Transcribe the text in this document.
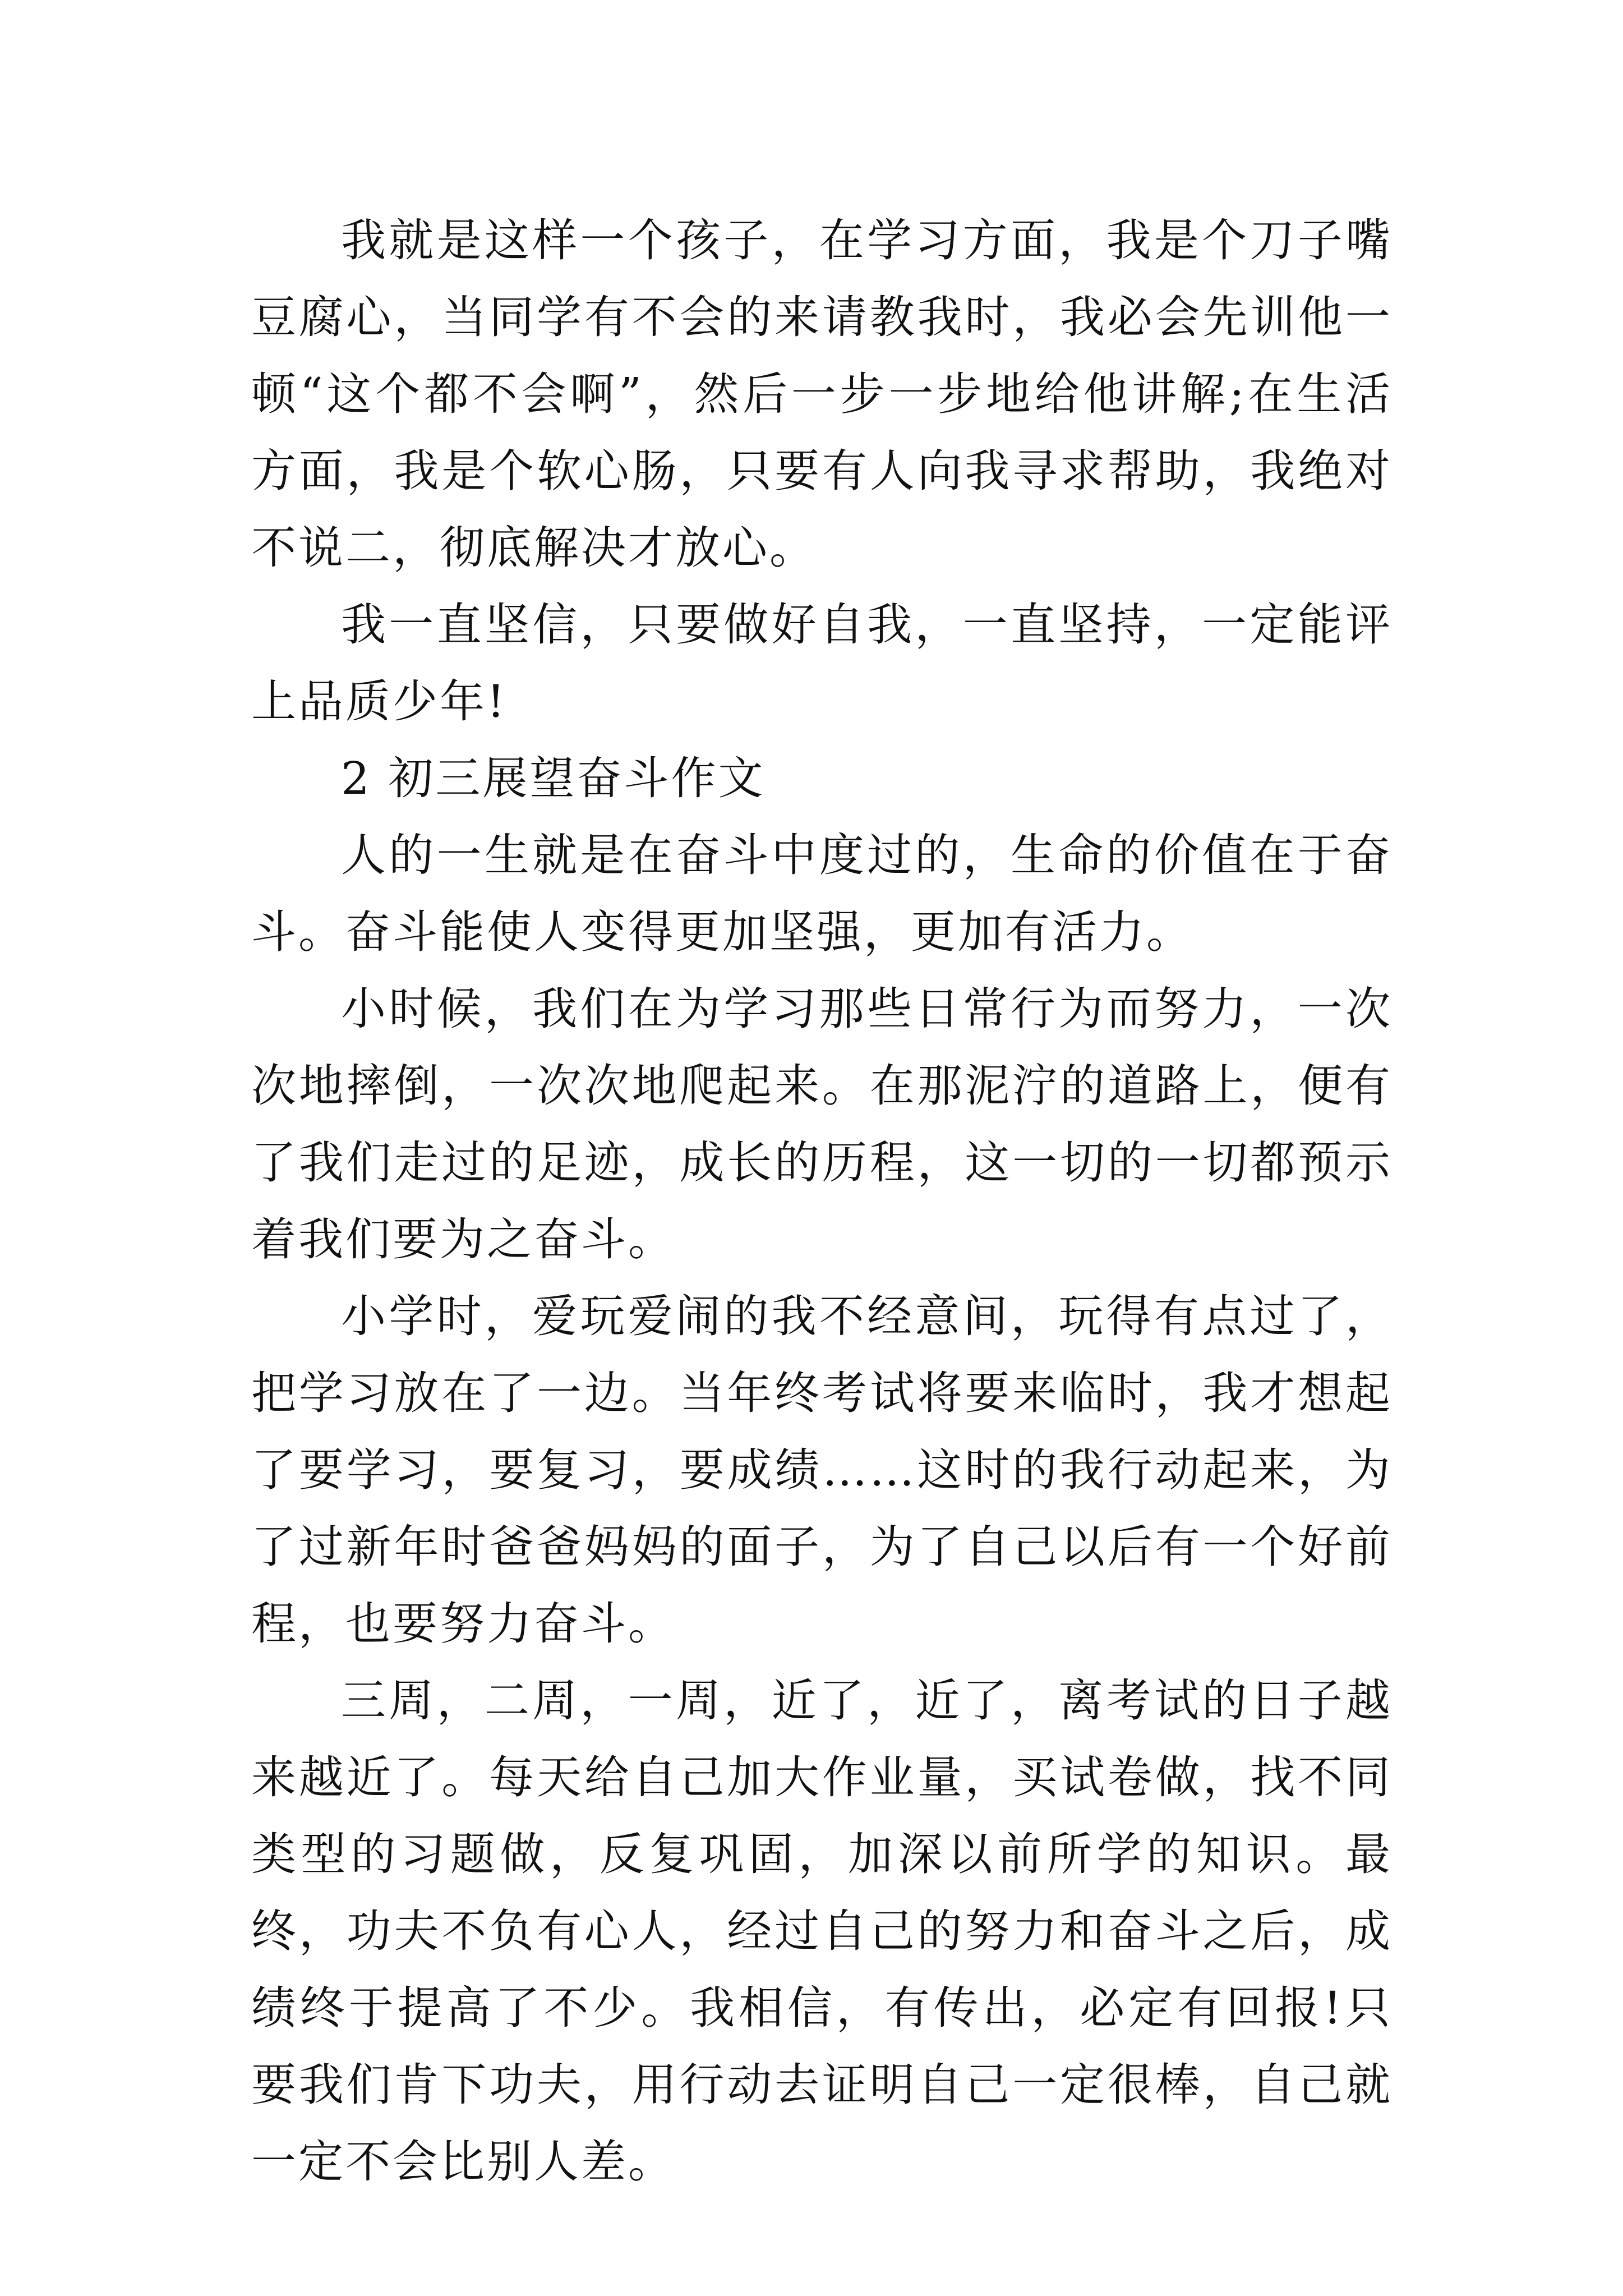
我就是这样一个孩子，在学习方面，我是个刀子嘴豆腐心，当同学有不会的来请教我时，我必会先训他一顿“这个都不会啊”，然后一步一步地给他讲解;在生活方面，我是个软心肠，只要有人向我寻求帮助，我绝对不说二，彻底解决才放心。

我一直坚信，只要做好自我，一直坚持，一定能评上品质少年!

2 初三展望奋斗作文

人的一生就是在奋斗中度过的，生命的价值在于奋斗。奋斗能使人变得更加坚强，更加有活力。

小时候，我们在为学习那些日常行为而努力，一次次地摔倒，一次次地爬起来。在那泥泞的道路上，便有了我们走过的足迹，成长的历程，这一切的一切都预示着我们要为之奋斗。

小学时，爱玩爱闹的我不经意间，玩得有点过了，把学习放在了一边。当年终考试将要来临时，我才想起了要学习，要复习，要成绩……这时的我行动起来，为了过新年时爸爸妈妈的面子，为了自己以后有一个好前程，也要努力奋斗。

三周，二周，一周，近了，近了，离考试的日子越来越近了。每天给自己加大作业量，买试卷做，找不同类型的习题做，反复巩固，加深以前所学的知识。最终，功夫不负有心人，经过自己的努力和奋斗之后，成绩终于提高了不少。我相信，有传出，必定有回报!只要我们肯下功夫，用行动去证明自己一定很棒，自己就一定不会比别人差。
